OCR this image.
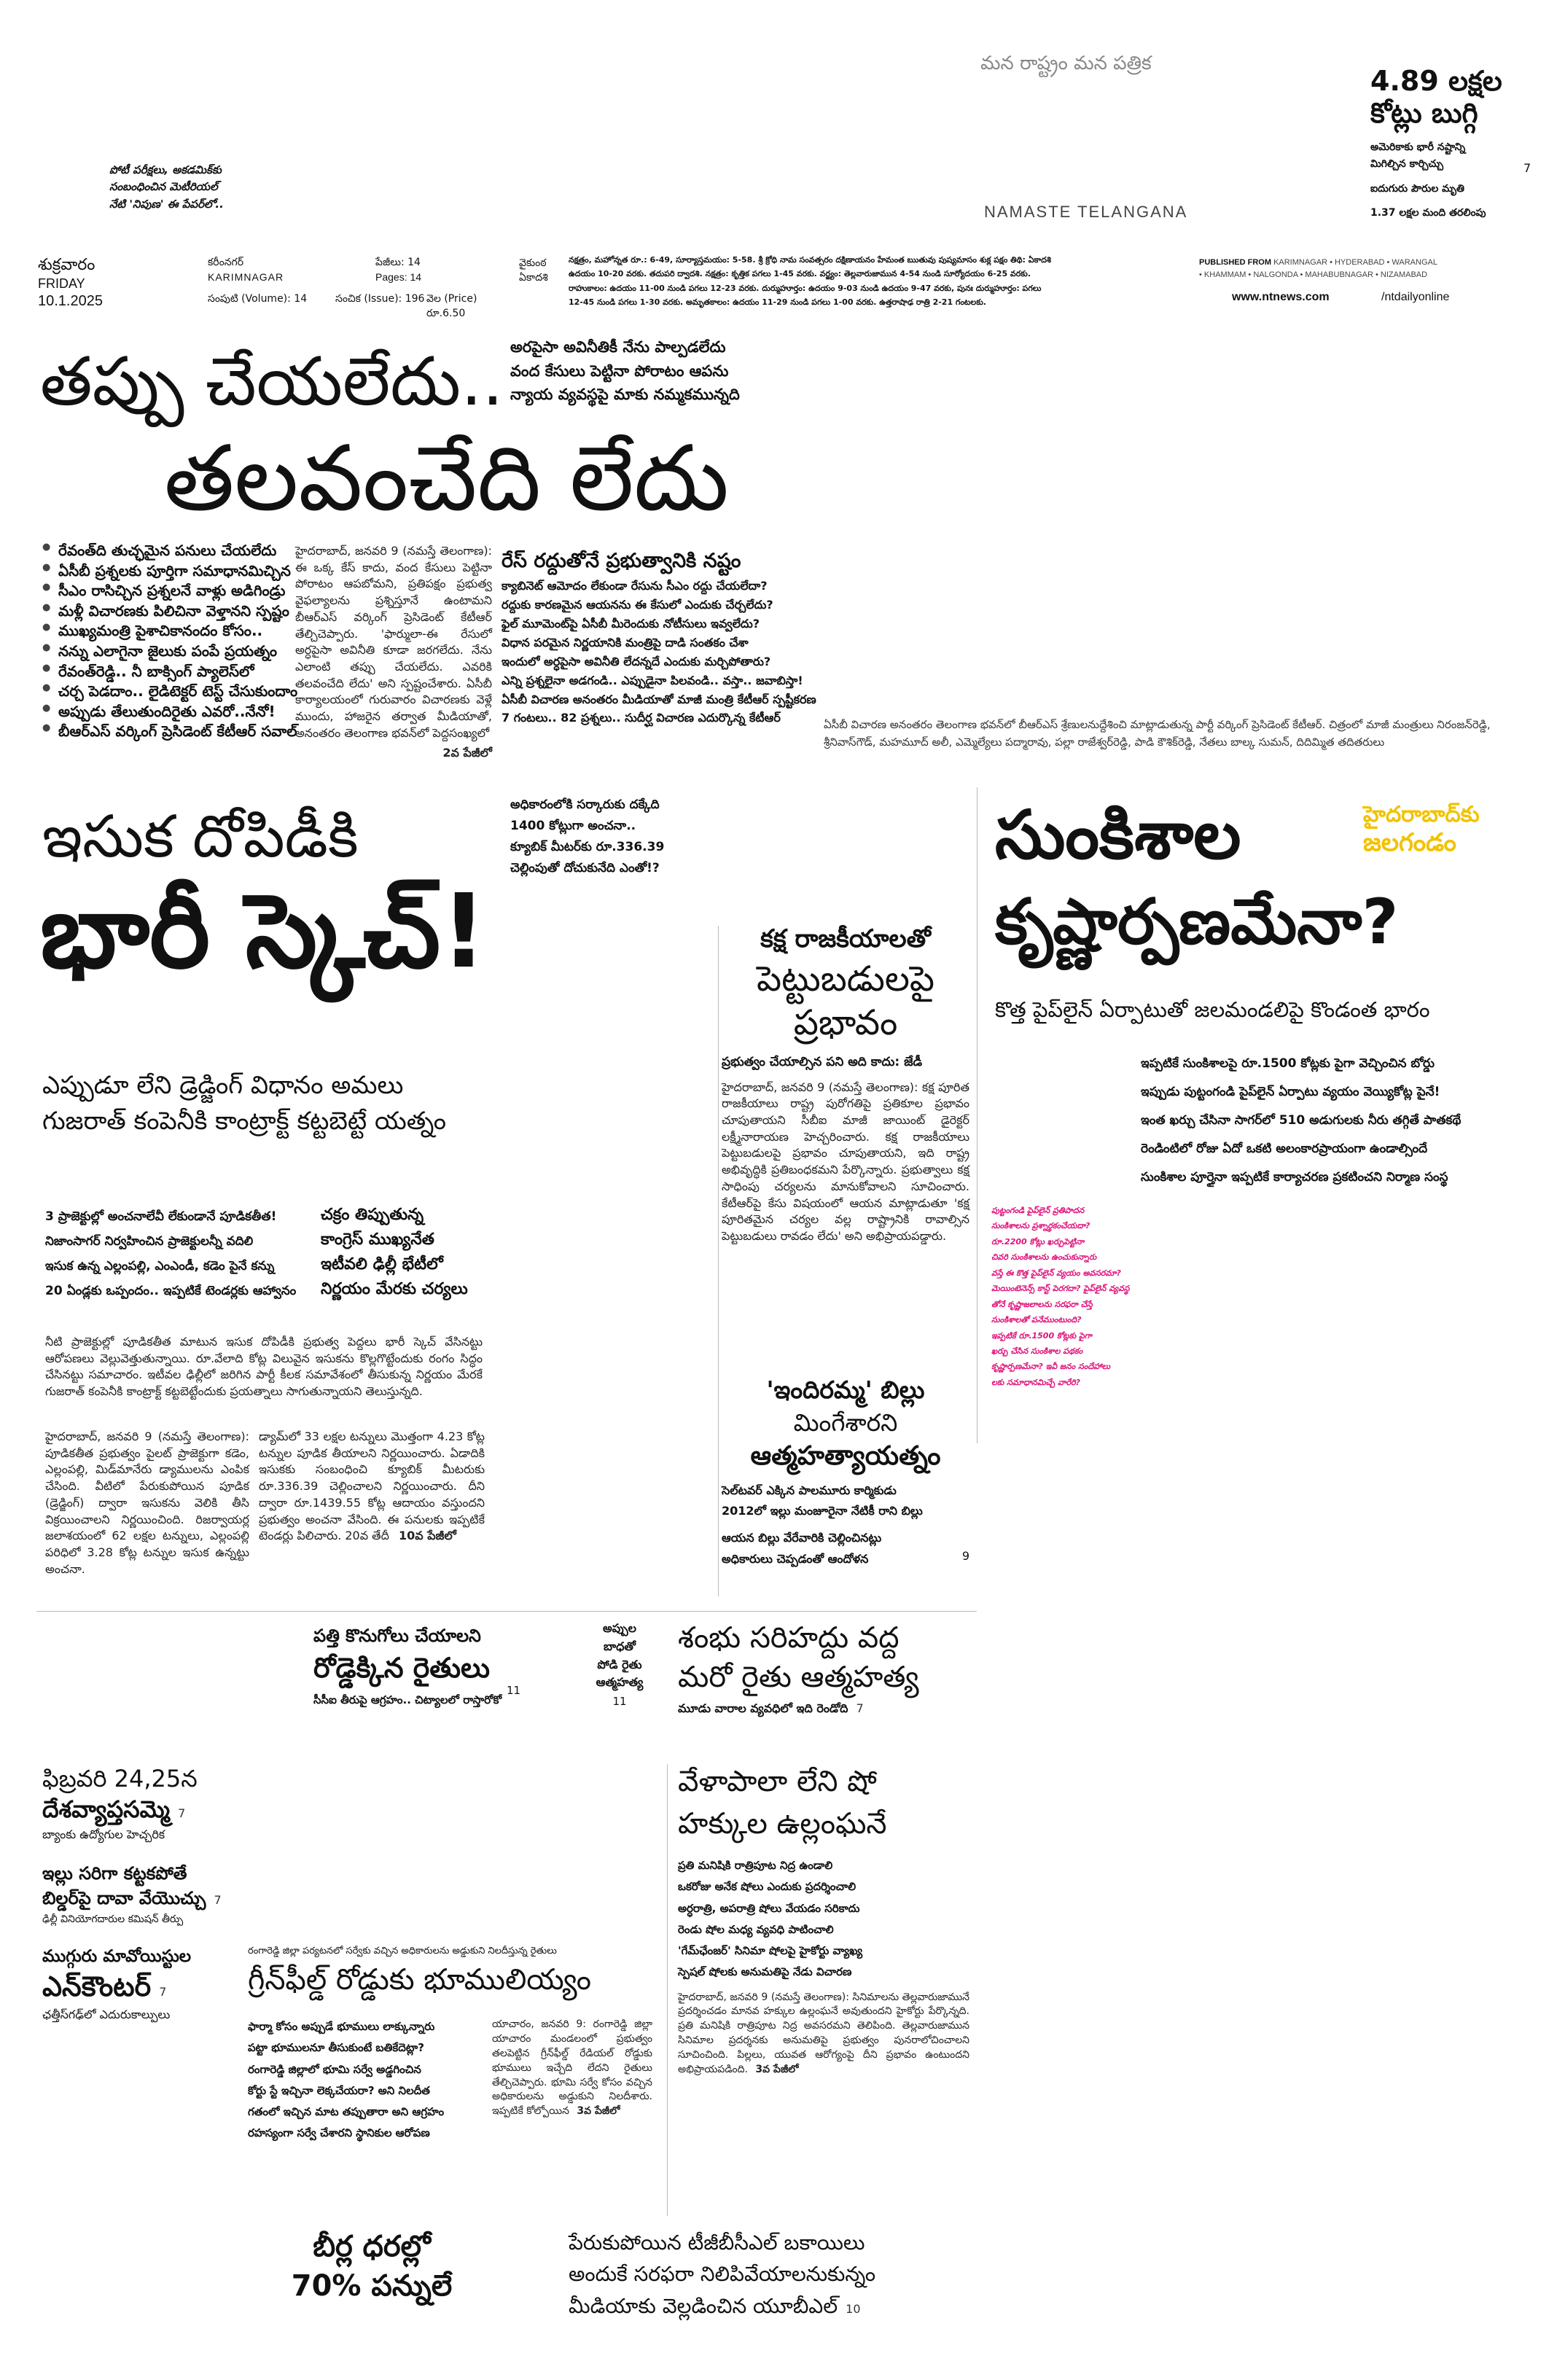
మన రాష్ట్రం మన పత్రిక
NAMASTE TELANGANA
పోటీ పరీక్షలు, అకడమిక్‌కు
సంబంధించిన మెటీరియల్
నేటి 'నిపుణ' ఈ పేపర్‌లో..
4.89 లక్షల
కోట్లు బుగ్గి
అమెరికాకు భారీ నష్టాన్ని
మిగిల్చిన కార్చిచ్చు	7
ఐదుగురు పౌరుల మృతి
1.37 లక్షల మంది తరలింపు
శుక్రవారం
FRIDAY
10.1.2025
కరీంనగర్
KARIMNAGAR
పేజీలు: 14
Pages: 14
సంపుటి (Volume): 14	సంచిక (Issue): 196 వెల (Price) రూ.6.50
వైకుంఠ
ఏకాదశి
నక్షత్రం, మహోన్నత రూ.: 6-49, సూర్యాస్తమయం: 5-58. శ్రీ క్రోధి నామ సంవత్సరం దక్షిణాయనం హేమంత ఋతువు పుష్యమాసం శుక్ల పక్షం తిథి: ఏకాదశి
ఉదయం 10-20 వరకు. తదుపరి ద్వాదశి. నక్షత్రం: కృత్తిక పగలు 1-45 వరకు. వర్జ్యం: తెల్లవారుజామున 4-54 నుండి సూర్యోదయం 6-25 వరకు.
రాహుకాలం: ఉదయం 11-00 నుండి పగలు 12-23 వరకు. దుర్ముహూర్తం: ఉదయం 9-03 నుండి ఉదయం 9-47 వరకు, పునః దుర్ముహూర్తం: పగలు
12-45 నుండి పగలు 1-30 వరకు. అమృతకాలం: ఉదయం 11-29 నుండి పగలు 1-00 వరకు. ఉత్తరాషాఢ రాత్రి 2-21 గంటలకు.
PUBLISHED FROM KARIMNAGAR • HYDERABAD • WARANGAL
• KHAMMAM • NALGONDA • MAHABUBNAGAR • NIZAMABAD
www.ntnews.com	/ntdailyonline
తప్పు చేయలేదు..
తలవంచేది లేదు
అరపైసా అవినీతికీ నేను పాల్పడలేదు
వంద కేసులు పెట్టినా పోరాటం ఆపను
న్యాయ వ్యవస్థపై మాకు నమ్మకమున్నది
● రేవంత్‌ది తుచ్ఛమైన పనులు చేయలేదు
● ఏసీబీ ప్రశ్నలకు పూర్తిగా సమాధానమిచ్చిన
● సీఎం రాసిచ్చిన ప్రశ్నలనే వాళ్లు అడిగిండ్రు
● మళ్లీ విచారణకు పిలిచినా వెళ్తానని స్పష్టం
● ముఖ్యమంత్రి పైశాచికానందం కోసం..
● నన్ను ఎలాగైనా జైలుకు పంపే ప్రయత్నం
● రేవంత్‌రెడ్డి.. నీ బాక్సింగ్ ప్యాలెస్‌లో
● చర్చ పెడదాం.. లైడిటెక్టర్ టెస్ట్ చేసుకుందాం
● అప్పుడు తేలుతుందిరైతు ఎవరో..నేనో!
● బీఆర్ఎస్ వర్కింగ్ ప్రెసిడెంట్ కేటీఆర్ సవాల్
హైదరాబాద్, జనవరి 9 (నమస్తే తెలంగాణ): ఈ ఒక్క కేస్ కాదు, వంద కేసులు పెట్టినా పోరాటం ఆపబోమని, ప్రతిపక్షం ప్రభుత్వ వైఫల్యాలను ప్రశ్నిస్తూనే ఉంటామని బీఆర్ఎస్ వర్కింగ్ ప్రెసిడెంట్ కేటీఆర్ తేల్చిచెప్పారు. 'ఫార్ములా-ఈ రేసులో అర్ధపైసా అవినీతి కూడా జరగలేదు. నేను ఎలాంటి తప్పు చేయలేదు. ఎవరికి తలవంచేది లేదు' అని స్పష్టంచేశారు. ఏసీబీ కార్యాలయంలో గురువారం విచారణకు వెళ్లే ముందు, హాజరైన తర్వాత మీడియాతో, అనంతరం తెలంగాణ భవన్‌లో పెద్దసంఖ్యలో
2వ పేజీలో
రేస్ రద్దుతోనే ప్రభుత్వానికి నష్టం
క్యాబినెట్ ఆమోదం లేకుండా రేసును సీఎం రద్దు చేయలేదా?
రద్దుకు కారణమైన ఆయనను ఈ కేసులో ఎందుకు చేర్చలేదు?
ఫైల్ మూమెంట్‌పై ఏసీబీ మీరెందుకు నోటీసులు ఇవ్వలేదు?
విధాన పరమైన నిర్ణయానికి మంత్రిపై దాడి సంతకం చేశా
ఇందులో అర్ధపైసా అవినీతి లేదన్నదే ఎందుకు మర్చిపోతారు?
ఎన్ని ప్రశ్నలైనా అడగండి.. ఎప్పుడైనా పిలవండి.. వస్తా.. జవాబిస్తా!
ఏసీబీ విచారణ అనంతరం మీడియాతో మాజీ మంత్రి కేటీఆర్ స్పష్టీకరణ
7 గంటలు.. 82 ప్రశ్నలు.. సుదీర్ఘ విచారణ ఎదుర్కొన్న కేటీఆర్	ఏసీబీ విచారణ అనంతరం తెలంగాణ భవన్‌లో బీఆర్ఎస్ శ్రేణులనుద్దేశించి మాట్లాడుతున్న పార్టీ వర్కింగ్ ప్రెసిడెంట్ కేటీఆర్. చిత్రంలో మాజీ మంత్రులు నిరంజన్‌రెడ్డి, శ్రీనివాస్‌గౌడ్, మహమూద్ అలీ, ఎమ్మెల్యేలు పద్మారావు, పల్లా రాజేశ్వర్‌రెడ్డి, పాడి కౌశిక్‌రెడ్డి, నేతలు బాల్క సుమన్, దిదిమ్మిత తదితరులు
ఇసుక దోపిడీకి
భారీ స్కెచ్!
అధికారంలోకి సర్కారుకు దక్కేది
1400 కోట్లుగా అంచనా..
క్యూబిక్ మీటర్‌కు రూ.336.39
చెల్లింపుతో దోచుకునేది ఎంతో!?
ఎప్పుడూ లేని డ్రెడ్జింగ్ విధానం అమలు
గుజరాత్ కంపెనీకి కాంట్రాక్ట్ కట్టబెట్టే యత్నం
3 ప్రాజెక్టుల్లో అంచనాలేవీ లేకుండానే పూడికతీత!
నిజాంసాగర్ నిర్వహించిన ప్రాజెక్టులన్నీ వదిలి
ఇసుక ఉన్న ఎల్లంపల్లి, ఎంఎండీ, కడెం పైనే కన్ను
20 ఏండ్లకు ఒప్పందం.. ఇప్పటికే టెండర్లకు ఆహ్వానం
చక్రం తిప్పుతున్న
కాంగ్రెస్ ముఖ్యనేత
ఇటీవలి ఢిల్లీ భేటీలో
నిర్ణయం మేరకు చర్యలు
నీటి ప్రాజెక్టుల్లో పూడికతీత మాటున ఇసుక దోపిడీకి ప్రభుత్వ పెద్దలు భారీ స్కెచ్ వేసినట్టు ఆరోపణలు వెల్లువెత్తుతున్నాయి. రూ.వేలాది కోట్ల విలువైన ఇసుకను కొల్లగొట్టేందుకు రంగం సిద్ధం చేసినట్టు సమాచారం. ఇటీవల ఢిల్లీలో జరిగిన పార్టీ కీలక సమావేశంలో తీసుకున్న నిర్ణయం మేరకే గుజరాత్ కంపెనీకి కాంట్రాక్ట్ కట్టబెట్టేందుకు ప్రయత్నాలు సాగుతున్నాయని తెలుస్తున్నది.
హైదరాబాద్, జనవరి 9 (నమస్తే తెలంగాణ): పూడికతీత ప్రభుత్వం పైలట్ ప్రాజెక్టుగా కడెం, ఎల్లంపల్లి, మిడ్‌మానేరు డ్యాములను ఎంపిక చేసింది. వీటిలో పేరుకుపోయిన పూడిక (డ్రెడ్జింగ్) ద్వారా ఇసుకను వెలికి తీసి విక్రయించాలని నిర్ణయించింది. రిజర్వాయర్ల జలాశయంలో 62 లక్షల టన్నులు, ఎల్లంపల్లి పరిధిలో 3.28 కోట్ల టన్నుల ఇసుక ఉన్నట్టు అంచనా.
డ్యామ్‌లో 33 లక్షల టన్నులు మొత్తంగా 4.23 కోట్ల టన్నుల పూడిక తీయాలని నిర్ణయించారు. ఏడాదికి ఇసుకకు సంబంధించి క్యూబిక్ మీటరుకు రూ.336.39 చెల్లించాలని నిర్ణయించారు. దీని ద్వారా రూ.1439.55 కోట్ల ఆదాయం వస్తుందని ప్రభుత్వం అంచనా వేసింది. ఈ పనులకు ఇప్పటికే టెండర్లు పిలిచారు. 20వ తేదీ 10వ పేజీలో
కక్ష రాజకీయాలతో
పెట్టుబడులపై
ప్రభావం
ప్రభుత్వం చేయాల్సిన పని అది కాదు: జేడీ
హైదరాబాద్, జనవరి 9 (నమస్తే తెలంగాణ): కక్ష పూరిత రాజకీయాలు రాష్ట్ర పురోగతిపై ప్రతికూల ప్రభావం చూపుతాయని సీబీఐ మాజీ జాయింట్ డైరెక్టర్ లక్ష్మీనారాయణ హెచ్చరించారు. కక్ష రాజకీయాలు పెట్టుబడులపై ప్రభావం చూపుతాయని, ఇది రాష్ట్ర అభివృద్ధికి ప్రతిబంధకమని పేర్కొన్నారు. ప్రభుత్వాలు కక్ష సాధింపు చర్యలను మానుకోవాలని సూచించారు. కేటీఆర్‌పై కేసు విషయంలో ఆయన మాట్లాడుతూ 'కక్ష పూరితమైన చర్యల వల్ల రాష్ట్రానికి రావాల్సిన పెట్టుబడులు రావడం లేదు' అని అభిప్రాయపడ్డారు.
'ఇందిరమ్మ' బిల్లు
మింగేశారని
ఆత్మహత్యాయత్నం
సెల్‌టవర్ ఎక్కిన పాలమూరు కార్మికుడు
2012లో ఇల్లు మంజూరైనా నేటికీ రాని బిల్లు
ఆయన బిల్లు వేరేవారికి చెల్లించినట్లు
అధికారులు చెప్పడంతో ఆందోళన	9
సుంకిశాల	హైదరాబాద్‌కు
జలగండం
కృష్ణార్పణమేనా?
కొత్త పైప్‌లైన్ ఏర్పాటుతో జలమండలిపై కొండంత భారం
ఇప్పటికే సుంకిశాలపై రూ.1500 కోట్లకు పైగా వెచ్చించిన బోర్డు
ఇప్పుడు పుట్టంగండి పైప్‌లైన్ ఏర్పాటు వ్యయం వెయ్యికోట్ల పైనే!
ఇంత ఖర్చు చేసినా సాగర్‌లో 510 అడుగులకు నీరు తగ్గితే పాతకథే
రెండింటిలో రోజు ఏదో ఒకటి అలంకారప్రాయంగా ఉండాల్సిందే
సుంకిశాల పూర్తైనా ఇప్పటికే కార్యాచరణ ప్రకటించని నిర్మాణ సంస్థ
పుట్టంగండి పైప్‌లైన్ ప్రతిపాదన
సుంకిశాలను ప్రశ్నార్థకంచేయదా?
రూ.2200 కోట్లు ఖర్చుపెట్టినా
చివరి సుంకిశాలను ఉంచుకున్నారు
వస్తే ఈ కొత్త పైప్‌లైన్ వ్యయం అవసరమా?
మెయింటెనెన్స్ కాస్ట్ పెరగదా? పైప్‌లైన్ వ్యవస్థ
తోనే కృష్ణాజలాలను సరఫరా చేస్తే
సుంకిశాలతో పనేముంటుంది?
ఇప్పటికే రూ.1500 కోట్లకు పైగా
ఖర్చు చేసిన సుంకిశాల పథకం
కృష్ణార్పణమేనా? ఇవీ జనం సందేహాలు
లకు సమాధానమిచ్చే వారేరి?
పత్తి కొనుగోలు చేయాలని
రోడ్డెక్కిన రైతులు
11
సీసీఐ తీరుపై ఆగ్రహం.. చిట్యాలలో రాస్తారోకో
అప్పుల
బాధతో
పోడి రైతు
ఆత్మహత్య
11
శంభు సరిహద్దు వద్ద
మరో రైతు ఆత్మహత్య
మూడు వారాల వ్యవధిలో ఇది రెండోది 7
ఫిబ్రవరి 24,25న
దేశవ్యాప్తసమ్మె 7
బ్యాంకు ఉద్యోగుల హెచ్చరిక
ఇల్లు సరిగా కట్టకపోతే
బిల్డర్‌పై దావా వేయొచ్చు 7
ఢిల్లీ వినియోగదారుల కమిషన్ తీర్పు
ముగ్గురు మావోయిస్టుల
ఎన్‌కౌంటర్ 7
ఛత్తీస్‌గఢ్‌లో ఎదురుకాల్పులు
రంగారెడ్డి జిల్లా పర్యటనలో సర్వేకు వచ్చిన అధికారులను అడ్డుకుని నిలదీస్తున్న రైతులు
గ్రీన్‌ఫీల్డ్ రోడ్డుకు భూములియ్యం
ఫార్మా కోసం అప్పుడే భూములు లాక్కున్నారు
పట్టా భూములనూ తీసుకుంటే బతికేదెట్లా?
రంగారెడ్డి జిల్లాలో భూమి సర్వే అడ్డగించిన
కోర్టు స్టే ఇచ్చినా లెక్కచేయరా? అని నిలదీత
గతంలో ఇచ్చిన మాట తప్పుతారా అని ఆగ్రహం
రహస్యంగా సర్వే చేశారని స్థానికుల ఆరోపణ
యాచారం, జనవరి 9: రంగారెడ్డి జిల్లా యాచారం మండలంలో ప్రభుత్వం తలపెట్టిన గ్రీన్‌ఫీల్డ్ రేడియల్ రోడ్డుకు భూములు ఇచ్చేది లేదని రైతులు తేల్చిచెప్పారు. భూమి సర్వే కోసం వచ్చిన అధికారులను అడ్డుకుని నిలదీశారు. ఇప్పటికే కోల్పోయిన 3వ పేజీలో
వేళాపాలా లేని షో
హక్కుల ఉల్లంఘనే
ప్రతి మనిషికి రాత్రిపూట నిద్ర ఉండాలి
ఒకరోజు అనేక షోలు ఎందుకు ప్రదర్శించాలి
అర్ధరాత్రి, అపరాత్రి షోలు వేయడం సరికాదు
రెండు షోల మధ్య వ్యవధి పాటించాలి
'గేమ్‌ఛేంజర్' సినిమా షోలపై హైకోర్టు వ్యాఖ్య
స్పెషల్ షోలకు అనుమతిపై నేడు విచారణ
హైదరాబాద్, జనవరి 9 (నమస్తే తెలంగాణ): సినిమాలను తెల్లవారుజామునే ప్రదర్శించడం మానవ హక్కుల ఉల్లంఘనే అవుతుందని హైకోర్టు పేర్కొన్నది. ప్రతి మనిషికి రాత్రిపూట నిద్ర అవసరమని తెలిపింది. తెల్లవారుజామున సినిమాల ప్రదర్శనకు అనుమతిపై ప్రభుత్వం పునరాలోచించాలని సూచించింది. పిల్లలు, యువత ఆరోగ్యంపై దీని ప్రభావం ఉంటుందని అభిప్రాయపడింది. 3వ పేజీలో
బీర్ల ధరల్లో
70% పన్నులే
పేరుకుపోయిన టీజీబీసీఎల్ బకాయిలు
అందుకే సరఫరా నిలిపివేయాలనుకున్నం
మీడియాకు వెల్లడించిన యూబీఎల్ 10
